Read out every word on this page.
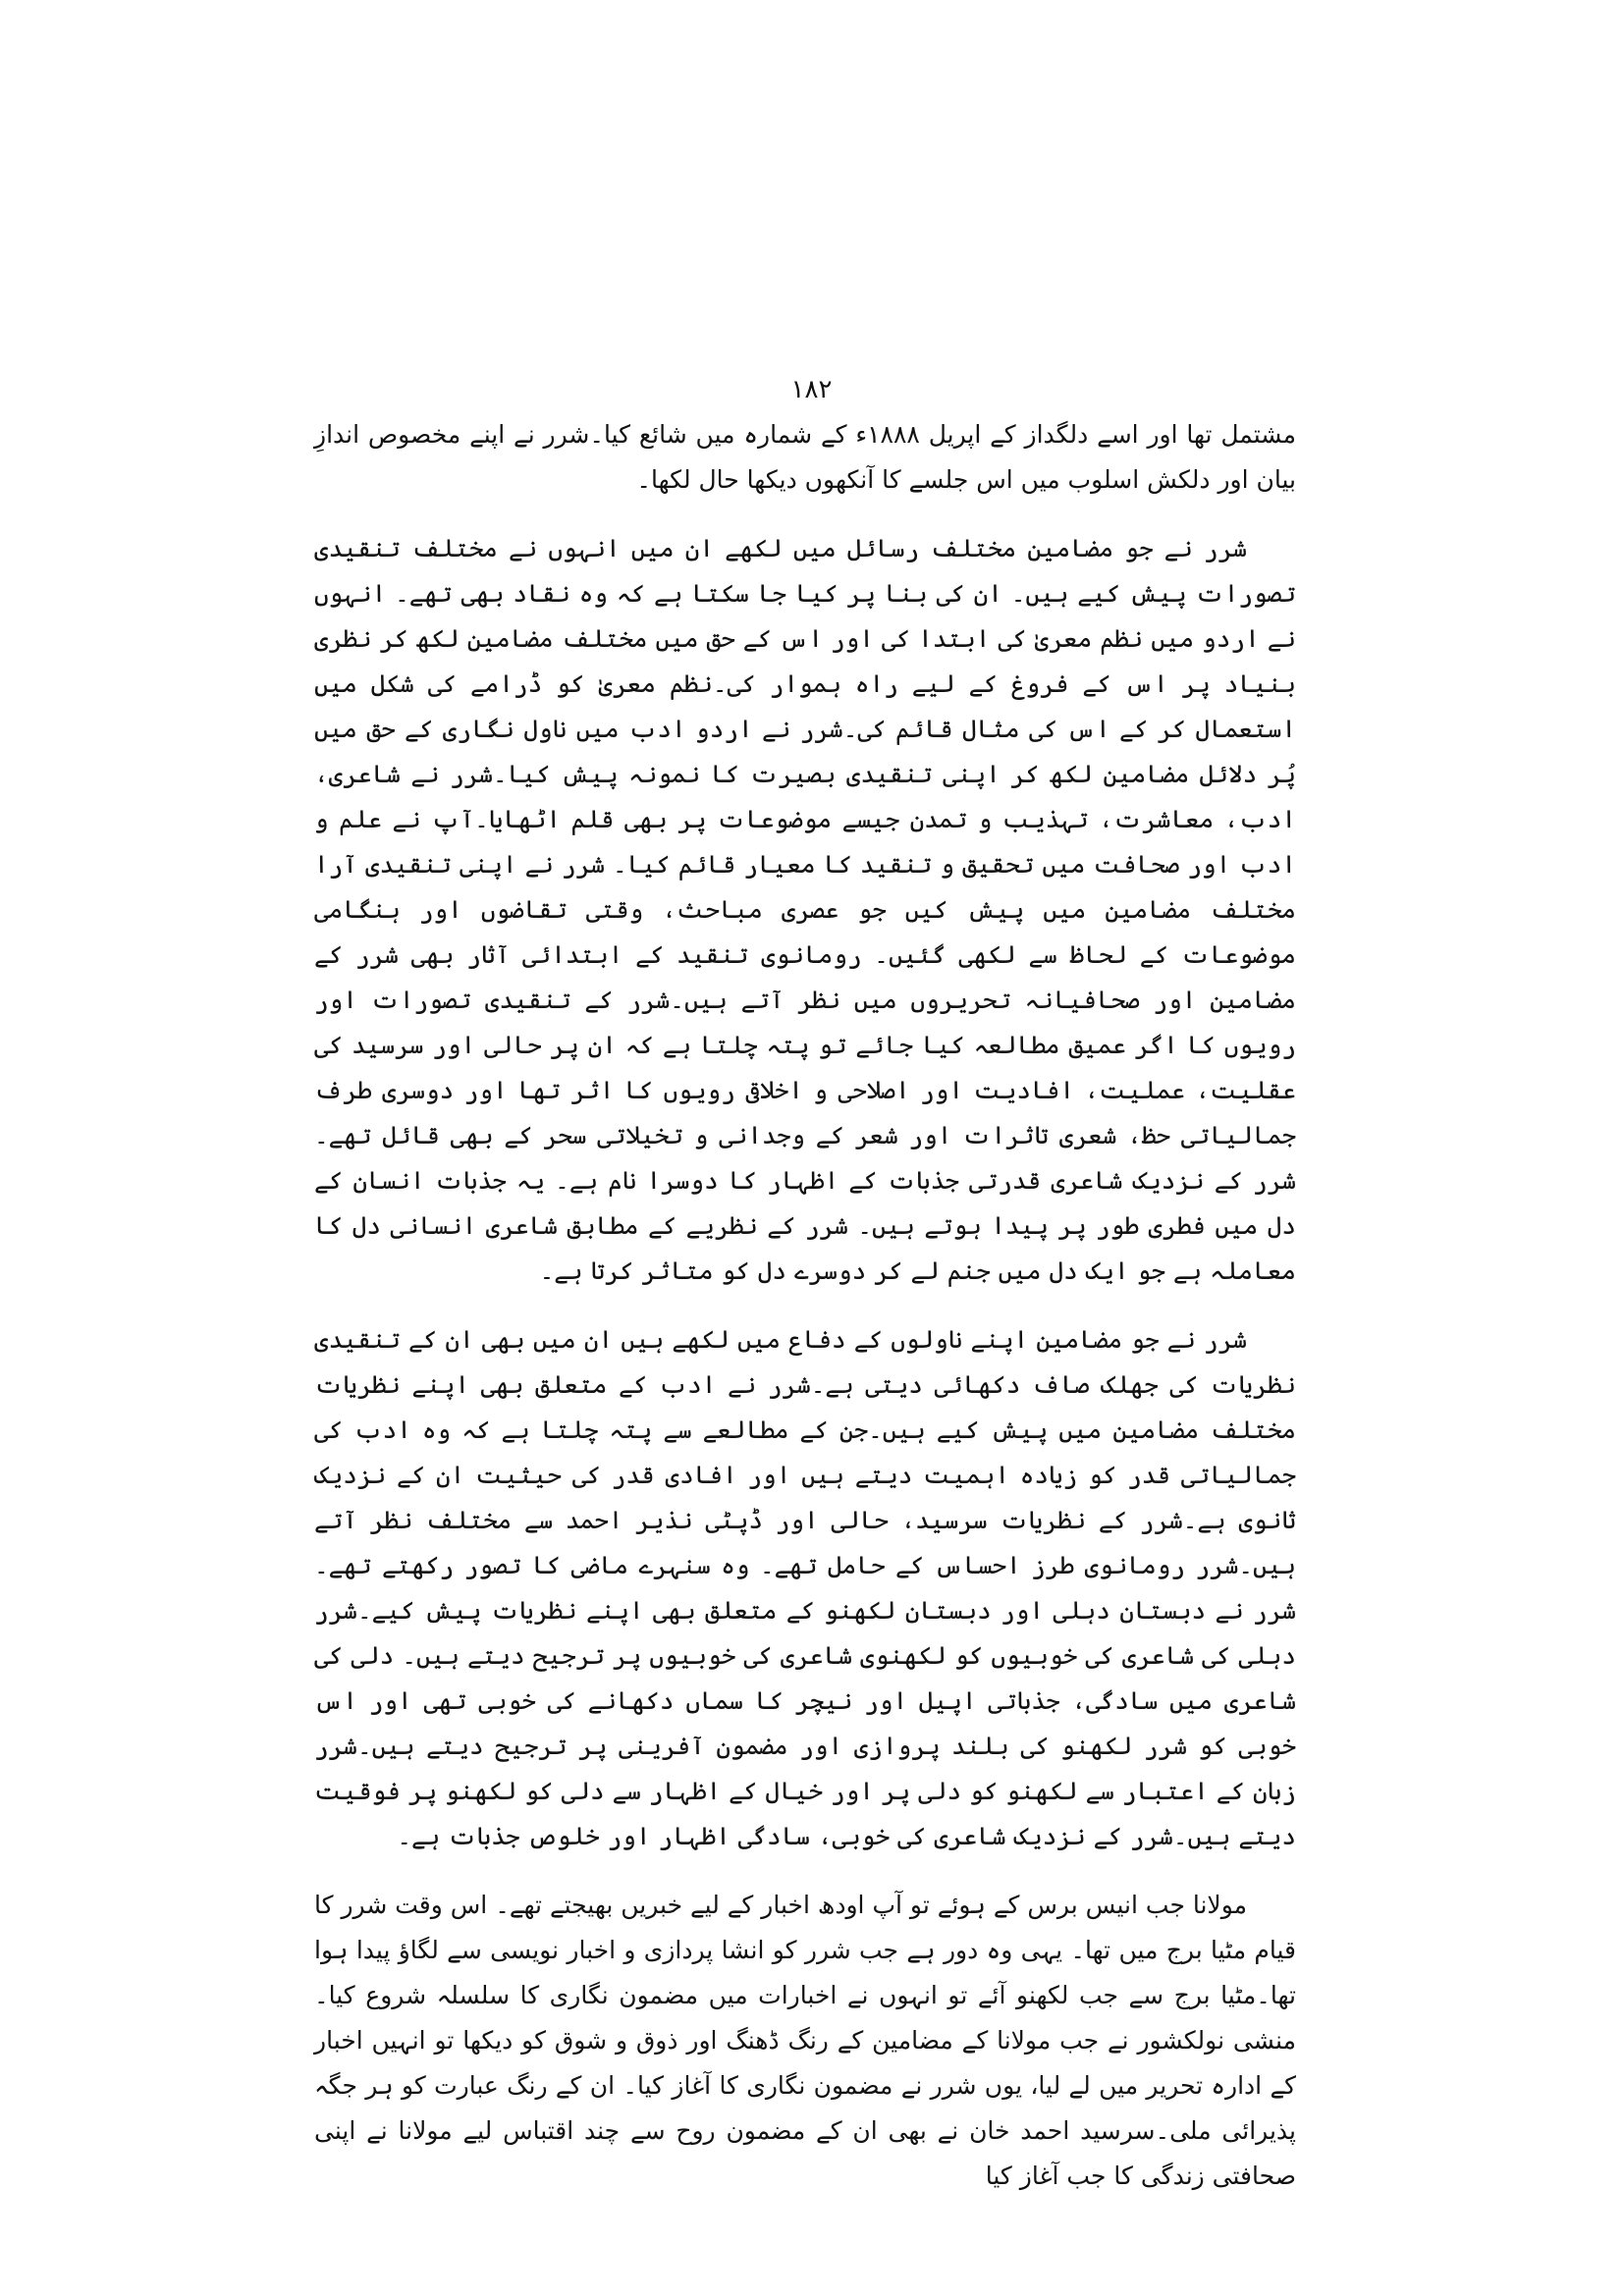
۱۸۲

مشتمل تھا اور اسے دلگداز کے اپریل ۱۸۸۸ء کے شمارہ میں شائع کیا۔شرر نے اپنے مخصوص اندازِ بیان اور دلکش اسلوب میں اس جلسے کا آنکھوں دیکھا حال لکھا۔

شرر نے جو مضامین مختلف رسائل میں لکھے ان میں انہوں نے مختلف تنقیدی تصورات پیش کیے ہیں۔ ان کی بنا پر کیا جا سکتا ہے کہ وہ نقاد بھی تھے۔ انہوں نے اردو میں نظم معریٰ کی ابتدا کی اور اس کے حق میں مختلف مضامین لکھ کر نظری بنیاد پر اس کے فروغ کے لیے راہ ہموار کی۔نظم معریٰ کو ڈرامے کی شکل میں استعمال کر کے اس کی مثال قائم کی۔شرر نے اردو ادب میں ناول نگاری کے حق میں پُر دلائل مضامین لکھ کر اپنی تنقیدی بصیرت کا نمونہ پیش کیا۔شرر نے شاعری، ادب، معاشرت، تہذیب و تمدن جیسے موضوعات پر بھی قلم اٹھایا۔آپ نے علم و ادب اور صحافت میں تحقیق و تنقید کا معیار قائم کیا۔ شرر نے اپنی تنقیدی آرا مختلف مضامین میں پیش کیں جو عصری مباحث، وقتی تقاضوں اور ہنگامی موضوعات کے لحاظ سے لکھی گئیں۔ رومانوی تنقید کے ابتدائی آثار بھی شرر کے مضامین اور صحافیانہ تحریروں میں نظر آتے ہیں۔شرر کے تنقیدی تصورات اور رویوں کا اگر عمیق مطالعہ کیا جائے تو پتہ چلتا ہے کہ ان پر حالی اور سرسید کی عقلیت، عملیت، افادیت اور اصلاحی و اخلاقی رویوں کا اثر تھا اور دوسری طرف جمالیاتی حظ، شعری تاثرات اور شعر کے وجدانی و تخیلاتی سحر کے بھی قائل تھے۔شرر کے نزدیک شاعری قدرتی جذبات کے اظہار کا دوسرا نام ہے۔ یہ جذبات انسان کے دل میں فطری طور پر پیدا ہوتے ہیں۔ شرر کے نظریے کے مطابق شاعری انسانی دل کا معاملہ ہے جو ایک دل میں جنم لے کر دوسرے دل کو متاثر کرتا ہے۔

شرر نے جو مضامین اپنے ناولوں کے دفاع میں لکھے ہیں ان میں بھی ان کے تنقیدی نظریات کی جھلک صاف دکھائی دیتی ہے۔شرر نے ادب کے متعلق بھی اپنے نظریات مختلف مضامین میں پیش کیے ہیں۔جن کے مطالعے سے پتہ چلتا ہے کہ وہ ادب کی جمالیاتی قدر کو زیادہ اہمیت دیتے ہیں اور افادی قدر کی حیثیت ان کے نزدیک ثانوی ہے۔شرر کے نظریات سرسید، حالی اور ڈپٹی نذیر احمد سے مختلف نظر آتے ہیں۔شرر رومانوی طرز احساس کے حامل تھے۔ وہ سنہرے ماضی کا تصور رکھتے تھے۔شرر نے دبستان دہلی اور دبستان لکھنو کے متعلق بھی اپنے نظریات پیش کیے۔شرر دہلی کی شاعری کی خوبیوں کو لکھنوی شاعری کی خوبیوں پر ترجیح دیتے ہیں۔ دلی کی شاعری میں سادگی، جذباتی اپیل اور نیچر کا سماں دکھانے کی خوبی تھی اور اس خوبی کو شرر لکھنو کی بلند پروازی اور مضمون آفرینی پر ترجیح دیتے ہیں۔شرر زبان کے اعتبار سے لکھنو کو دلی پر اور خیال کے اظہار سے دلی کو لکھنو پر فوقیت دیتے ہیں۔شرر کے نزدیک شاعری کی خوبی، سادگی اظہار اور خلوص جذبات ہے۔

مولانا جب انیس برس کے ہوئے تو آپ اودھ اخبار کے لیے خبریں بھیجتے تھے۔ اس وقت شرر کا قیام مٹیا برج میں تھا۔ یہی وہ دور ہے جب شرر کو انشا پردازی و اخبار نویسی سے لگاؤ پیدا ہوا تھا۔مٹیا برج سے جب لکھنو آئے تو انہوں نے اخبارات میں مضمون نگاری کا سلسلہ شروع کیا۔منشی نولکشور نے جب مولانا کے مضامین کے رنگ ڈھنگ اور ذوق و شوق کو دیکھا تو انہیں اخبار کے ادارہ تحریر میں لے لیا، یوں شرر نے مضمون نگاری کا آغاز کیا۔ ان کے رنگ عبارت کو ہر جگہ پذیرائی ملی۔سرسید احمد خان نے بھی ان کے مضمون روح سے چند اقتباس لیے مولانا نے اپنی صحافتی زندگی کا جب آغاز کیا
